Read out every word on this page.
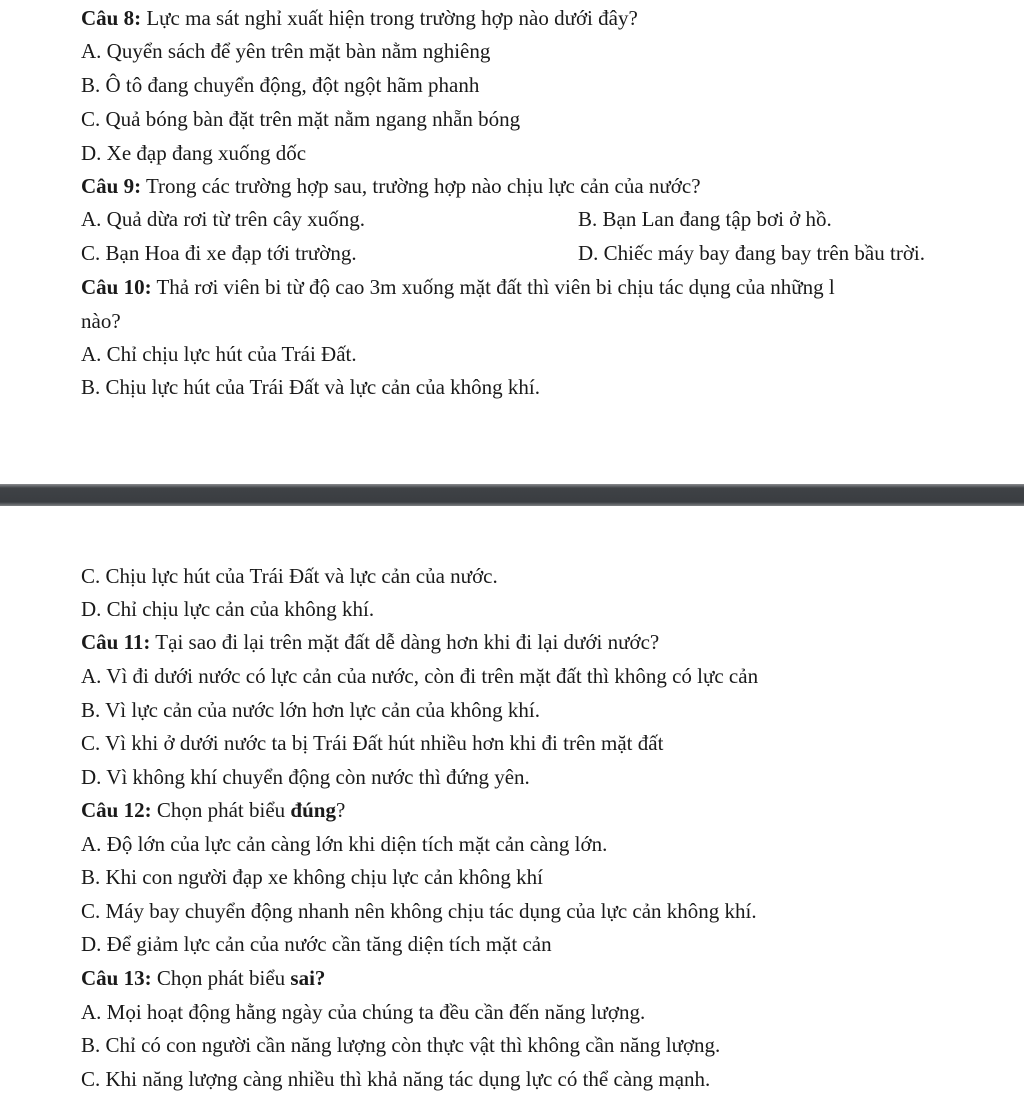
Câu 8: Lực ma sát nghỉ xuất hiện trong trường hợp nào dưới đây?
A. Quyển sách để yên trên mặt bàn nằm nghiêng
B. Ô tô đang chuyển động, đột ngột hãm phanh
C. Quả bóng bàn đặt trên mặt nằm ngang nhẵn bóng
D. Xe đạp đang xuống dốc
Câu 9: Trong các trường hợp sau, trường hợp nào chịu lực cản của nước?
A. Quả dừa rơi từ trên cây xuống.	B. Bạn Lan đang tập bơi ở hồ.
C. Bạn Hoa đi xe đạp tới trường.	D. Chiếc máy bay đang bay trên bầu trời.
Câu 10: Thả rơi viên bi từ độ cao 3m xuống mặt đất thì viên bi chịu tác dụng của những l
nào?
A. Chỉ chịu lực hút của Trái Đất.
B. Chịu lực hút của Trái Đất và lực cản của không khí.
C. Chịu lực hút của Trái Đất và lực cản của nước.
D. Chỉ chịu lực cản của không khí.
Câu 11: Tại sao đi lại trên mặt đất dễ dàng hơn khi đi lại dưới nước?
A. Vì đi dưới nước có lực cản của nước, còn đi trên mặt đất thì không có lực cản
B. Vì lực cản của nước lớn hơn lực cản của không khí.
C. Vì khi ở dưới nước ta bị Trái Đất hút nhiều hơn khi đi trên mặt đất
D. Vì không khí chuyển động còn nước thì đứng yên.
Câu 12: Chọn phát biểu đúng?
A. Độ lớn của lực cản càng lớn khi diện tích mặt cản càng lớn.
B. Khi con người đạp xe không chịu lực cản không khí
C. Máy bay chuyển động nhanh nên không chịu tác dụng của lực cản không khí.
D. Để giảm lực cản của nước cần tăng diện tích mặt cản
Câu 13: Chọn phát biểu sai?
A. Mọi hoạt động hằng ngày của chúng ta đều cần đến năng lượng.
B. Chỉ có con người cần năng lượng còn thực vật thì không cần năng lượng.
C. Khi năng lượng càng nhiều thì khả năng tác dụng lực có thể càng mạnh.
